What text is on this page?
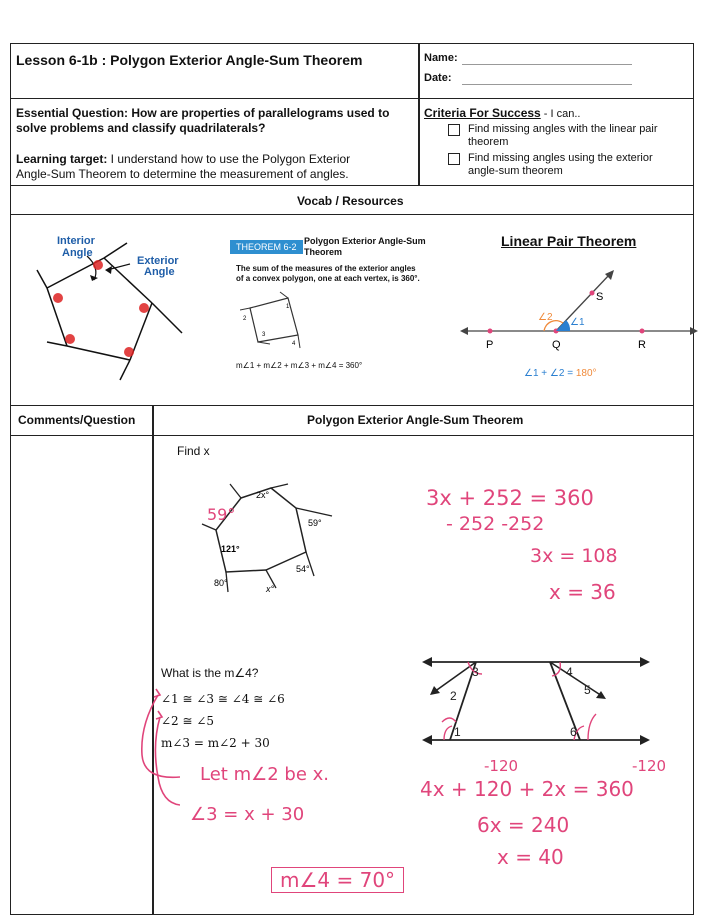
Lesson 6-1b : Polygon Exterior Angle-Sum Theorem	Name:
Date:
Essential Question: How are properties of parallelograms used to
solve problems and classify quadrilaterals?
Learning target: I understand how to use the Polygon Exterior
Angle-Sum Theorem to determine the measurement of angles.
Criteria For Success - I can..
Find missing angles with the linear pair
theorem
Find missing angles using the exterior
angle-sum theorem
Vocab / Resources
Interior
Angle
Exterior
Angle
THEOREM 6-2
Polygon Exterior Angle-Sum
Theorem
The sum of the measures of the exterior angles
of a convex polygon, one at each vertex, is 360°.
2
1
4
3
m∠1 + m∠2 + m∠3 + m∠4 = 360°
Linear Pair Theorem
P	Q	R
S
∠1
∠2
∠1 + ∠2 = 180°
Comments/Question	Polygon Exterior Angle-Sum Theorem
Find x
2x°
121°
59°
54°
80°
x°
59°
3x + 252 = 360
- 252 -252
3x = 108
x = 36
What is the m∠4?
∠1 ≅ ∠3 ≅ ∠4 ≅ ∠6
∠2 ≅ ∠5
m∠3 = m∠2 + 30
Let m∠2 be x.
∠3 = x + 30
3	4
2	5
1	6
-120	-120
4x + 120 + 2x = 360
6x = 240
x = 40
m∠4 = 70°
